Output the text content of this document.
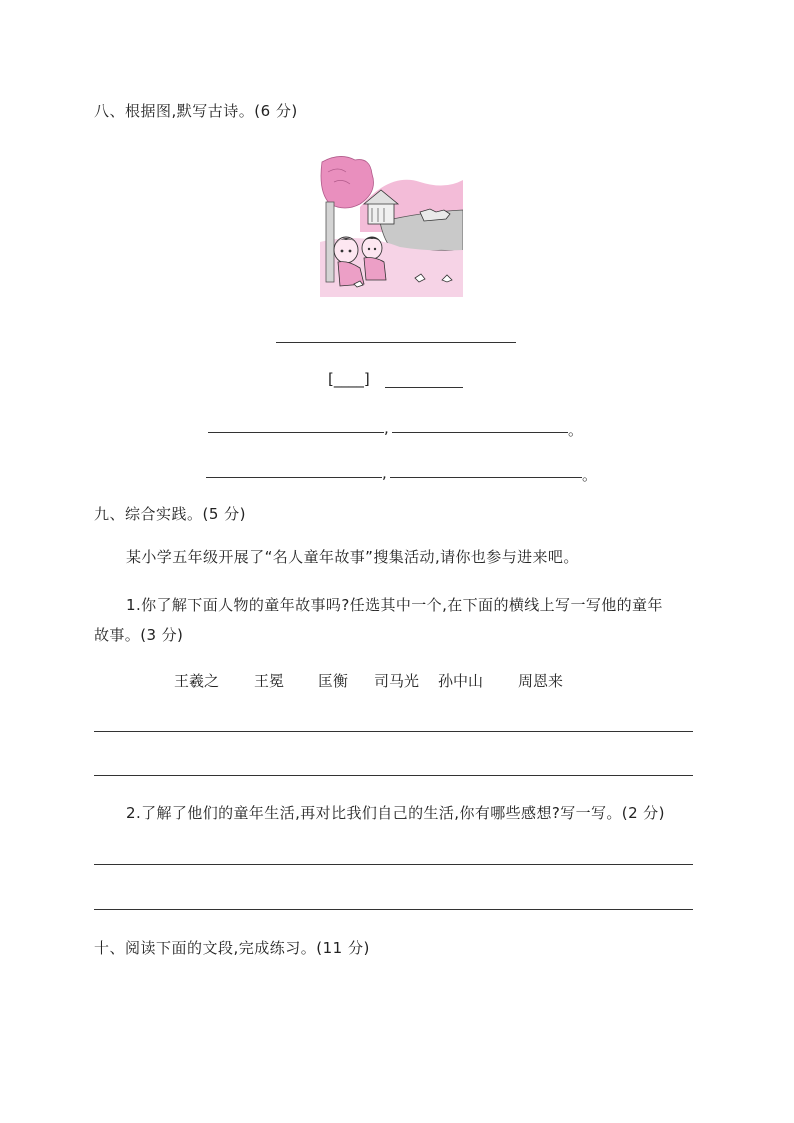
八、根据图,默写古诗。(6 分)
[____]
,	。
,	。
九、综合实践。(5 分)
某小学五年级开展了“名人童年故事”搜集活动,请你也参与进来吧。
1.你了解下面人物的童年故事吗?任选其中一个,在下面的横线上写一写他的童年
故事。(3 分)
王羲之 王冕 匡衡 司马光 孙中山 周恩来
2.了解了他们的童年生活,再对比我们自己的生活,你有哪些感想?写一写。(2 分)
十、阅读下面的文段,完成练习。(11 分)
